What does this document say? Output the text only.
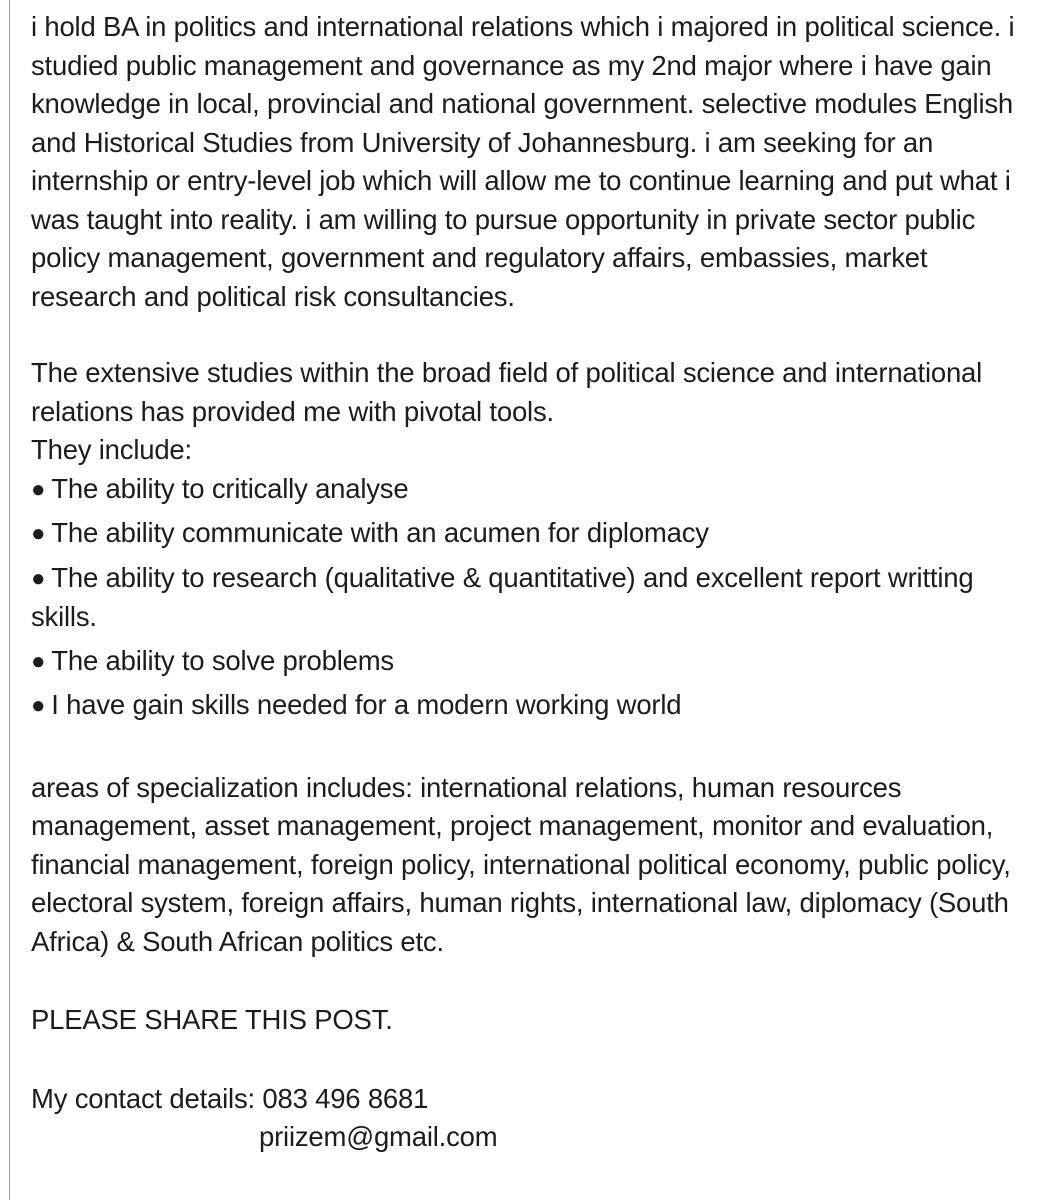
i hold BA in politics and international relations which i majored in political science. i studied public management and governance as my 2nd major where i have gain knowledge in local, provincial and national government. selective modules English and Historical Studies from University of Johannesburg. i am seeking for an internship or entry-level job which will allow me to continue learning and put what i was taught into reality. i am willing to pursue opportunity in private sector public policy management, government and regulatory affairs, embassies, market research and political risk consultancies.

The extensive studies within the broad field of political science and international relations has provided me with pivotal tools.

They include:

● The ability to critically analyse
● The ability communicate with an acumen for diplomacy
● The ability to research (qualitative & quantitative) and excellent report writting skills.
● The ability to solve problems
● I have gain skills needed for a modern working world

areas of specialization includes: international relations, human resources management, asset management, project management, monitor and evaluation, financial management, foreign policy, international political economy, public policy, electoral system, foreign affairs, human rights, international law, diplomacy (South Africa) & South African politics etc.

PLEASE SHARE THIS POST.

My contact details: 083 496 8681

priizem@gmail.com
